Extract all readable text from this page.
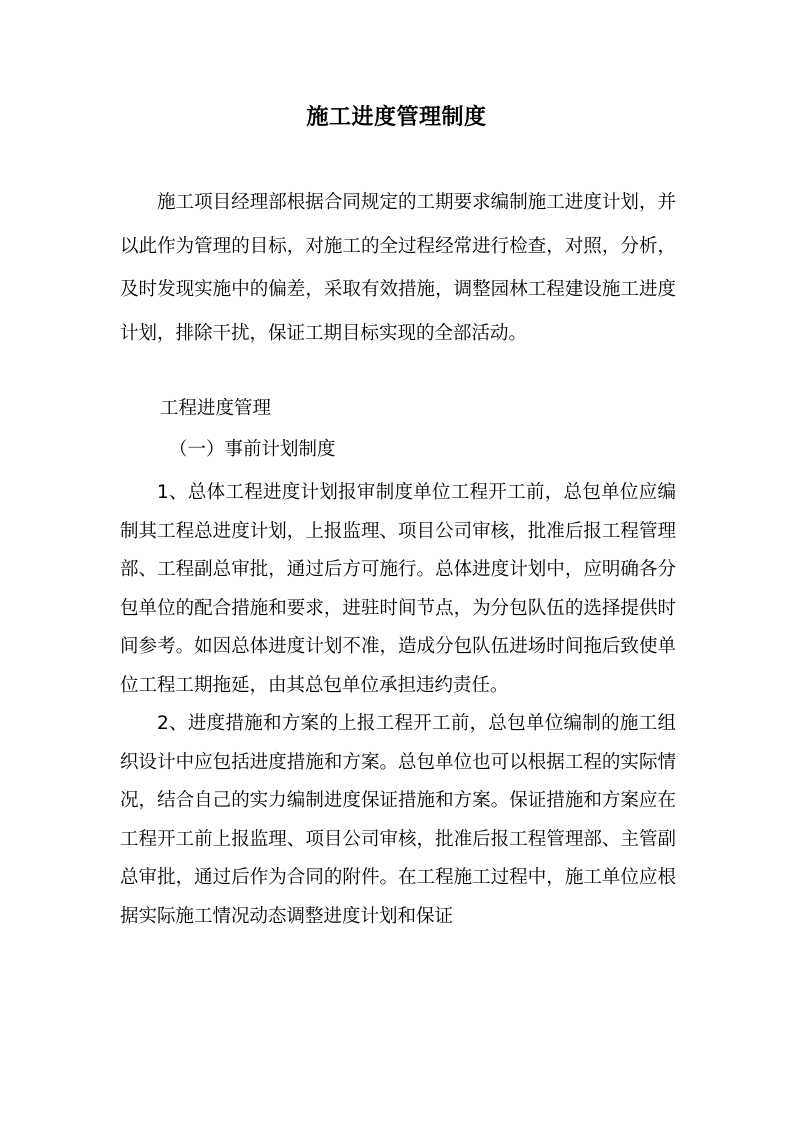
施工进度管理制度

施工项目经理部根据合同规定的工期要求编制施工进度计划，并以此作为管理的目标，对施工的全过程经常进行检查，对照，分析，及时发现实施中的偏差，采取有效措施，调整园林工程建设施工进度计划，排除干扰，保证工期目标实现的全部活动。

工程进度管理
（一）事前计划制度

1、总体工程进度计划报审制度单位工程开工前，总包单位应编制其工程总进度计划，上报监理、项目公司审核，批准后报工程管理部、工程副总审批，通过后方可施行。总体进度计划中，应明确各分包单位的配合措施和要求，进驻时间节点，为分包队伍的选择提供时间参考。如因总体进度计划不准，造成分包队伍进场时间拖后致使单位工程工期拖延，由其总包单位承担违约责任。

2、进度措施和方案的上报工程开工前，总包单位编制的施工组织设计中应包括进度措施和方案。总包单位也可以根据工程的实际情况，结合自己的实力编制进度保证措施和方案。保证措施和方案应在工程开工前上报监理、项目公司审核，批准后报工程管理部、主管副总审批，通过后作为合同的附件。在工程施工过程中，施工单位应根据实际施工情况动态调整进度计划和保证
